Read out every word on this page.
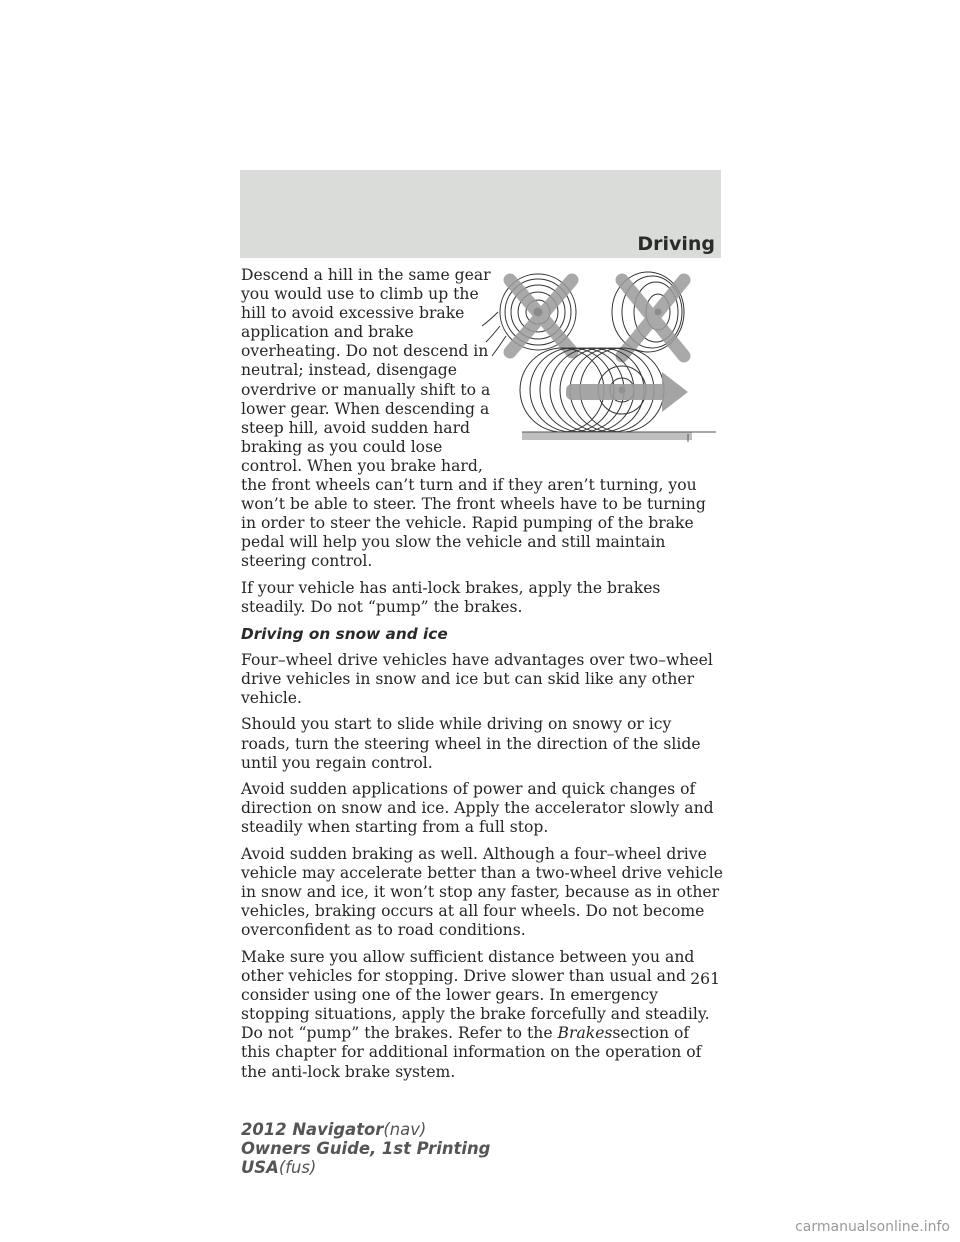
Driving

Descend a hill in the same gear you would use to climb up the hill to avoid excessive brake application and brake overheating. Do not descend in neutral; instead, disengage overdrive or manually shift to a lower gear. When descending a steep hill, avoid sudden hard braking as you could lose control. When you brake hard, the front wheels can’t turn and if they aren’t turning, you won’t be able to steer. The front wheels have to be turning in order to steer the vehicle. Rapid pumping of the brake pedal will help you slow the vehicle and still maintain steering control.

If your vehicle has anti-lock brakes, apply the brakes steadily. Do not “pump” the brakes.

Driving on snow and ice

Four–wheel drive vehicles have advantages over two–wheel drive vehicles in snow and ice but can skid like any other vehicle.

Should you start to slide while driving on snowy or icy roads, turn the steering wheel in the direction of the slide until you regain control.

Avoid sudden applications of power and quick changes of direction on snow and ice. Apply the accelerator slowly and steadily when starting from a full stop.

Avoid sudden braking as well. Although a four–wheel drive vehicle may accelerate better than a two-wheel drive vehicle in snow and ice, it won’t stop any faster, because as in other vehicles, braking occurs at all four wheels. Do not become overconfident as to road conditions.

Make sure you allow sufficient distance between you and other vehicles for stopping. Drive slower than usual and consider using one of the lower gears. In emergency stopping situations, apply the brake forcefully and steadily. Do not “pump” the brakes. Refer to the Brakessection of this chapter for additional information on the operation of the anti-lock brake system.

261
2012 Navigator(nav)
Owners Guide, 1st Printing
USA(fus)
carmanualsonline.info
